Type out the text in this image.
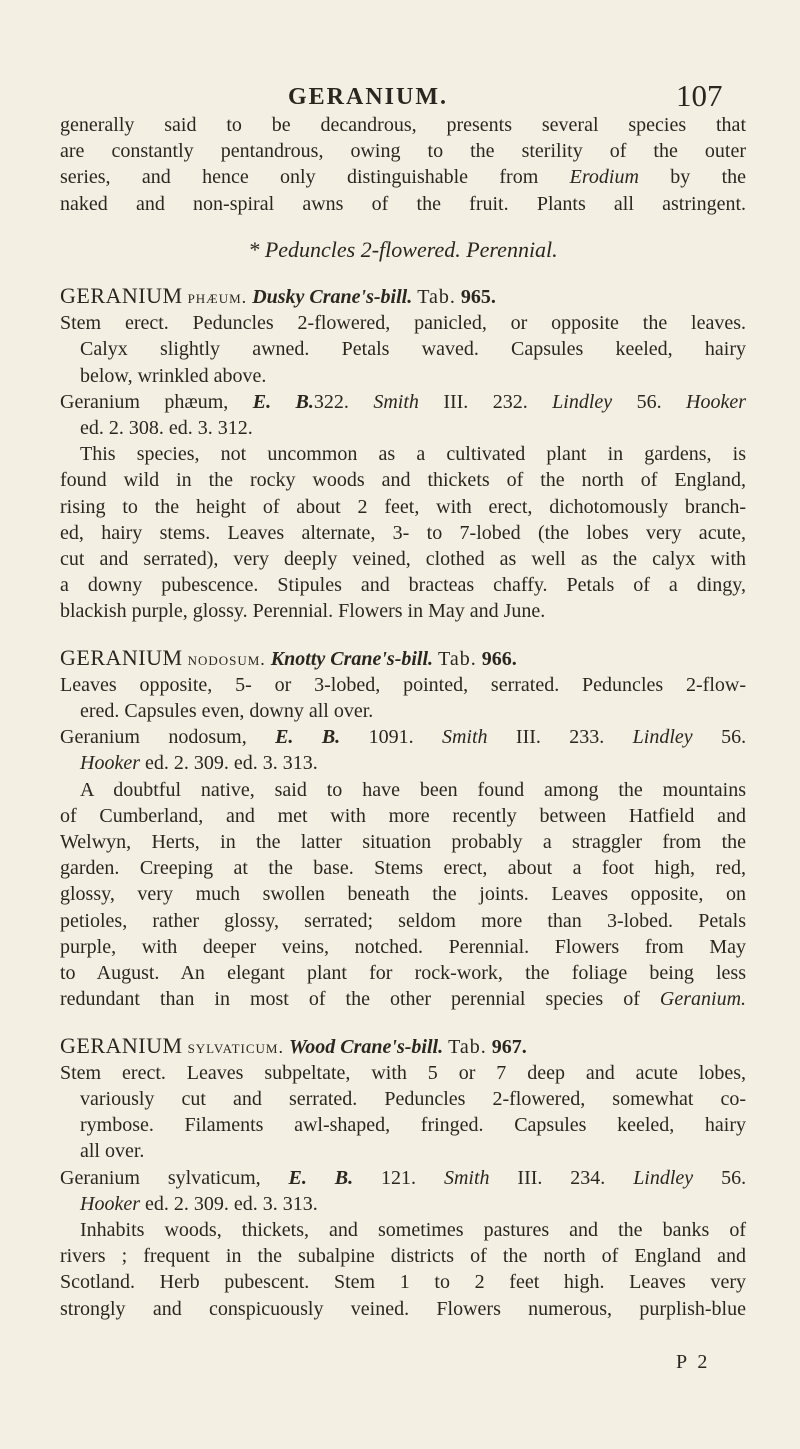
GERANIUM.	107

generally said to be decandrous, presents several species that

are constantly pentandrous, owing to the sterility of the outer

series, and hence only distinguishable from Erodium by the

naked and non-spiral awns of the fruit. Plants all astringent.

* Peduncles 2-flowered. Perennial.

GERANIUM phæum. Dusky Crane's-bill. Tab. 965.

Stem erect. Peduncles 2-flowered, panicled, or opposite the leaves.

Calyx slightly awned. Petals waved. Capsules keeled, hairy

below, wrinkled above.

Geranium phæum, E. B.322. Smith III. 232. Lindley 56. Hooker

ed. 2. 308. ed. 3. 312.

This species, not uncommon as a cultivated plant in gardens, is

found wild in the rocky woods and thickets of the north of England,

rising to the height of about 2 feet, with erect, dichotomously branch-

ed, hairy stems. Leaves alternate, 3- to 7-lobed (the lobes very acute,

cut and serrated), very deeply veined, clothed as well as the calyx with

a downy pubescence. Stipules and bracteas chaffy. Petals of a dingy,

blackish purple, glossy. Perennial. Flowers in May and June.

GERANIUM nodosum. Knotty Crane's-bill. Tab. 966.

Leaves opposite, 5- or 3-lobed, pointed, serrated. Peduncles 2-flow-

ered. Capsules even, downy all over.

Geranium nodosum, E. B. 1091. Smith III. 233. Lindley 56.

Hooker ed. 2. 309. ed. 3. 313.

A doubtful native, said to have been found among the mountains

of Cumberland, and met with more recently between Hatfield and

Welwyn, Herts, in the latter situation probably a straggler from the

garden. Creeping at the base. Stems erect, about a foot high, red,

glossy, very much swollen beneath the joints. Leaves opposite, on

petioles, rather glossy, serrated; seldom more than 3-lobed. Petals

purple, with deeper veins, notched. Perennial. Flowers from May

to August. An elegant plant for rock-work, the foliage being less

redundant than in most of the other perennial species of Geranium.

GERANIUM sylvaticum. Wood Crane's-bill. Tab. 967.

Stem erect. Leaves subpeltate, with 5 or 7 deep and acute lobes,

variously cut and serrated. Peduncles 2-flowered, somewhat co-

rymbose. Filaments awl-shaped, fringed. Capsules keeled, hairy

all over.

Geranium sylvaticum, E. B. 121. Smith III. 234. Lindley 56.

Hooker ed. 2. 309. ed. 3. 313.

Inhabits woods, thickets, and sometimes pastures and the banks of

rivers ; frequent in the subalpine districts of the north of England and

Scotland. Herb pubescent. Stem 1 to 2 feet high. Leaves very

strongly and conspicuously veined. Flowers numerous, purplish-blue

P 2
